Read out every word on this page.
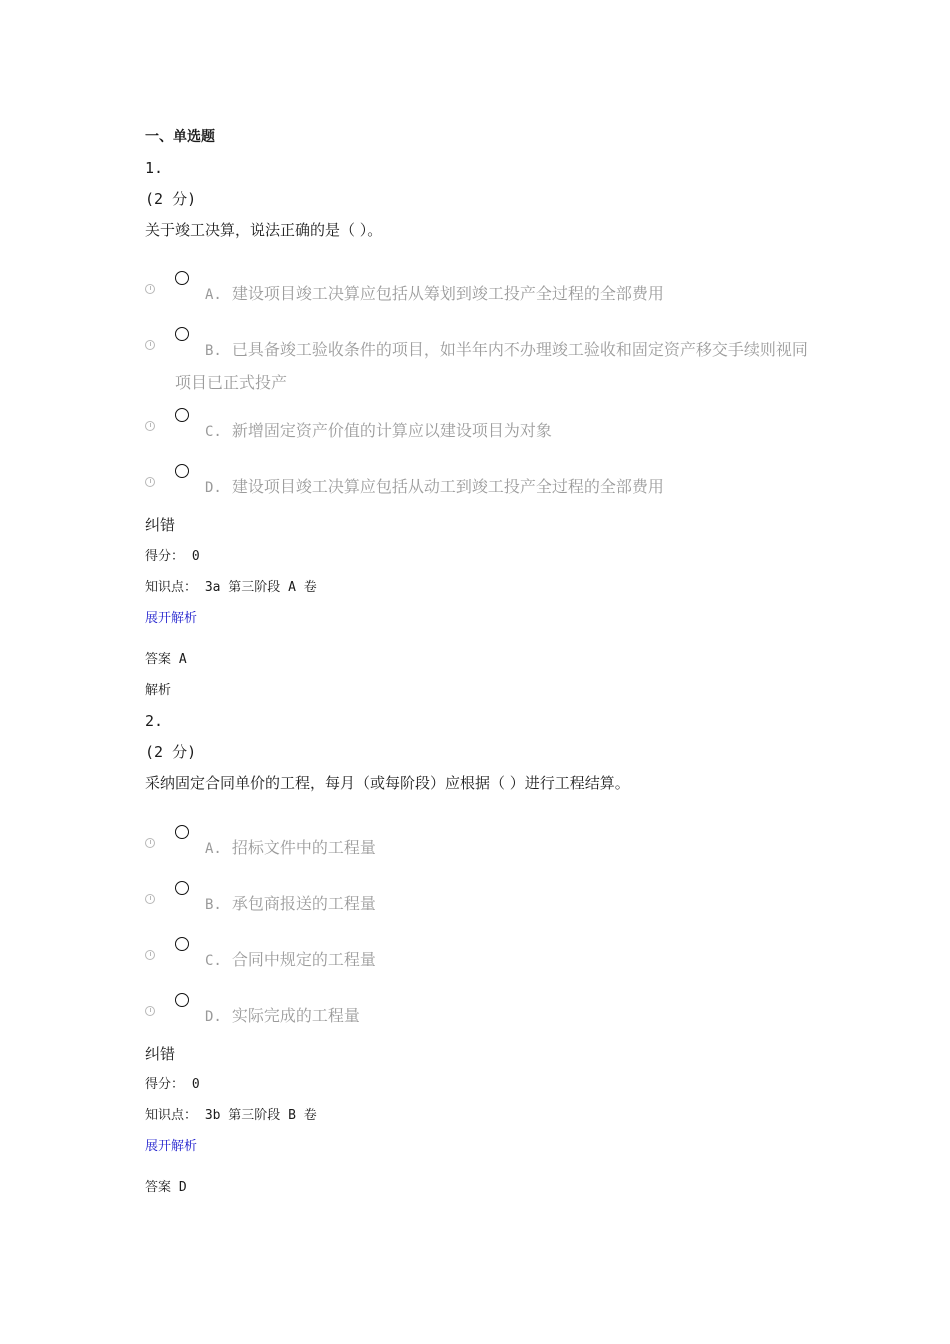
一、单选题
1.
(2 分)
关于竣工决算，说法正确的是（ ）。
A. 建设项目竣工决算应包括从筹划到竣工投产全过程的全部费用
B. 已具备竣工验收条件的项目，如半年内不办理竣工验收和固定资产移交手续则视同项目已正式投产
C. 新增固定资产价值的计算应以建设项目为对象
D. 建设项目竣工决算应包括从动工到竣工投产全过程的全部费用
纠错
得分： 0
知识点： 3a 第三阶段 A 卷
展开解析
答案 A
解析
2.
(2 分)
采纳固定合同单价的工程，每月（或每阶段）应根据（ ）进行工程结算。
A. 招标文件中的工程量
B. 承包商报送的工程量
C. 合同中规定的工程量
D. 实际完成的工程量
纠错
得分： 0
知识点： 3b 第三阶段 B 卷
展开解析
答案 D
